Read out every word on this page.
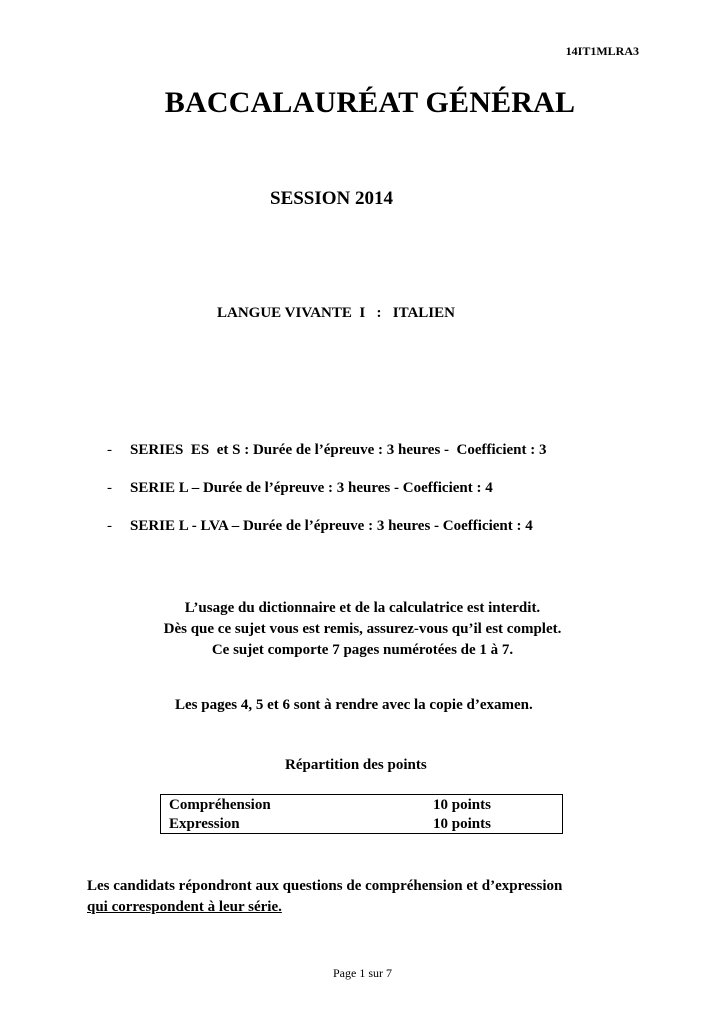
14IT1MLRA3
BACCALAURÉAT GÉNÉRAL
SESSION 2014
LANGUE VIVANTE  I   :   ITALIEN
-	SERIES  ES  et S : Durée de l’épreuve : 3 heures -  Coefficient : 3
-	SERIE L – Durée de l’épreuve : 3 heures - Coefficient : 4
-	SERIE L - LVA – Durée de l’épreuve : 3 heures - Coefficient : 4
L’usage du dictionnaire et de la calculatrice est interdit.
Dès que ce sujet vous est remis, assurez-vous qu’il est complet.
Ce sujet comporte 7 pages numérotées de 1 à 7.
Les pages 4, 5 et 6 sont à rendre avec la copie d’examen.
Répartition des points
Compréhension	10 points
Expression	10 points
Les candidats répondront aux questions de compréhension et d’expression
qui correspondent à leur série.
Page 1 sur 7
